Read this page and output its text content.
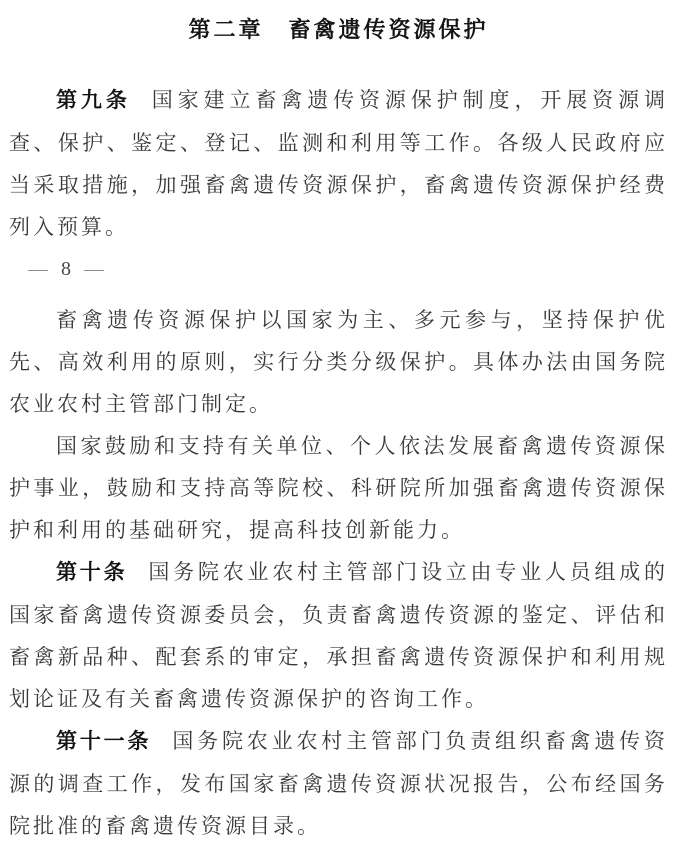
第二章　畜禽遗传资源保护

第九条 国家建立畜禽遗传资源保护制度，开展资源调查、保护、鉴定、登记、监测和利用等工作。各级人民政府应当采取措施，加强畜禽遗传资源保护，畜禽遗传资源保护经费列入预算。

— 8 —

畜禽遗传资源保护以国家为主、多元参与，坚持保护优先、高效利用的原则，实行分类分级保护。具体办法由国务院农业农村主管部门制定。

国家鼓励和支持有关单位、个人依法发展畜禽遗传资源保护事业，鼓励和支持高等院校、科研院所加强畜禽遗传资源保护和利用的基础研究，提高科技创新能力。

第十条 国务院农业农村主管部门设立由专业人员组成的国家畜禽遗传资源委员会，负责畜禽遗传资源的鉴定、评估和畜禽新品种、配套系的审定，承担畜禽遗传资源保护和利用规划论证及有关畜禽遗传资源保护的咨询工作。

第十一条 国务院农业农村主管部门负责组织畜禽遗传资源的调查工作，发布国家畜禽遗传资源状况报告，公布经国务院批准的畜禽遗传资源目录。
